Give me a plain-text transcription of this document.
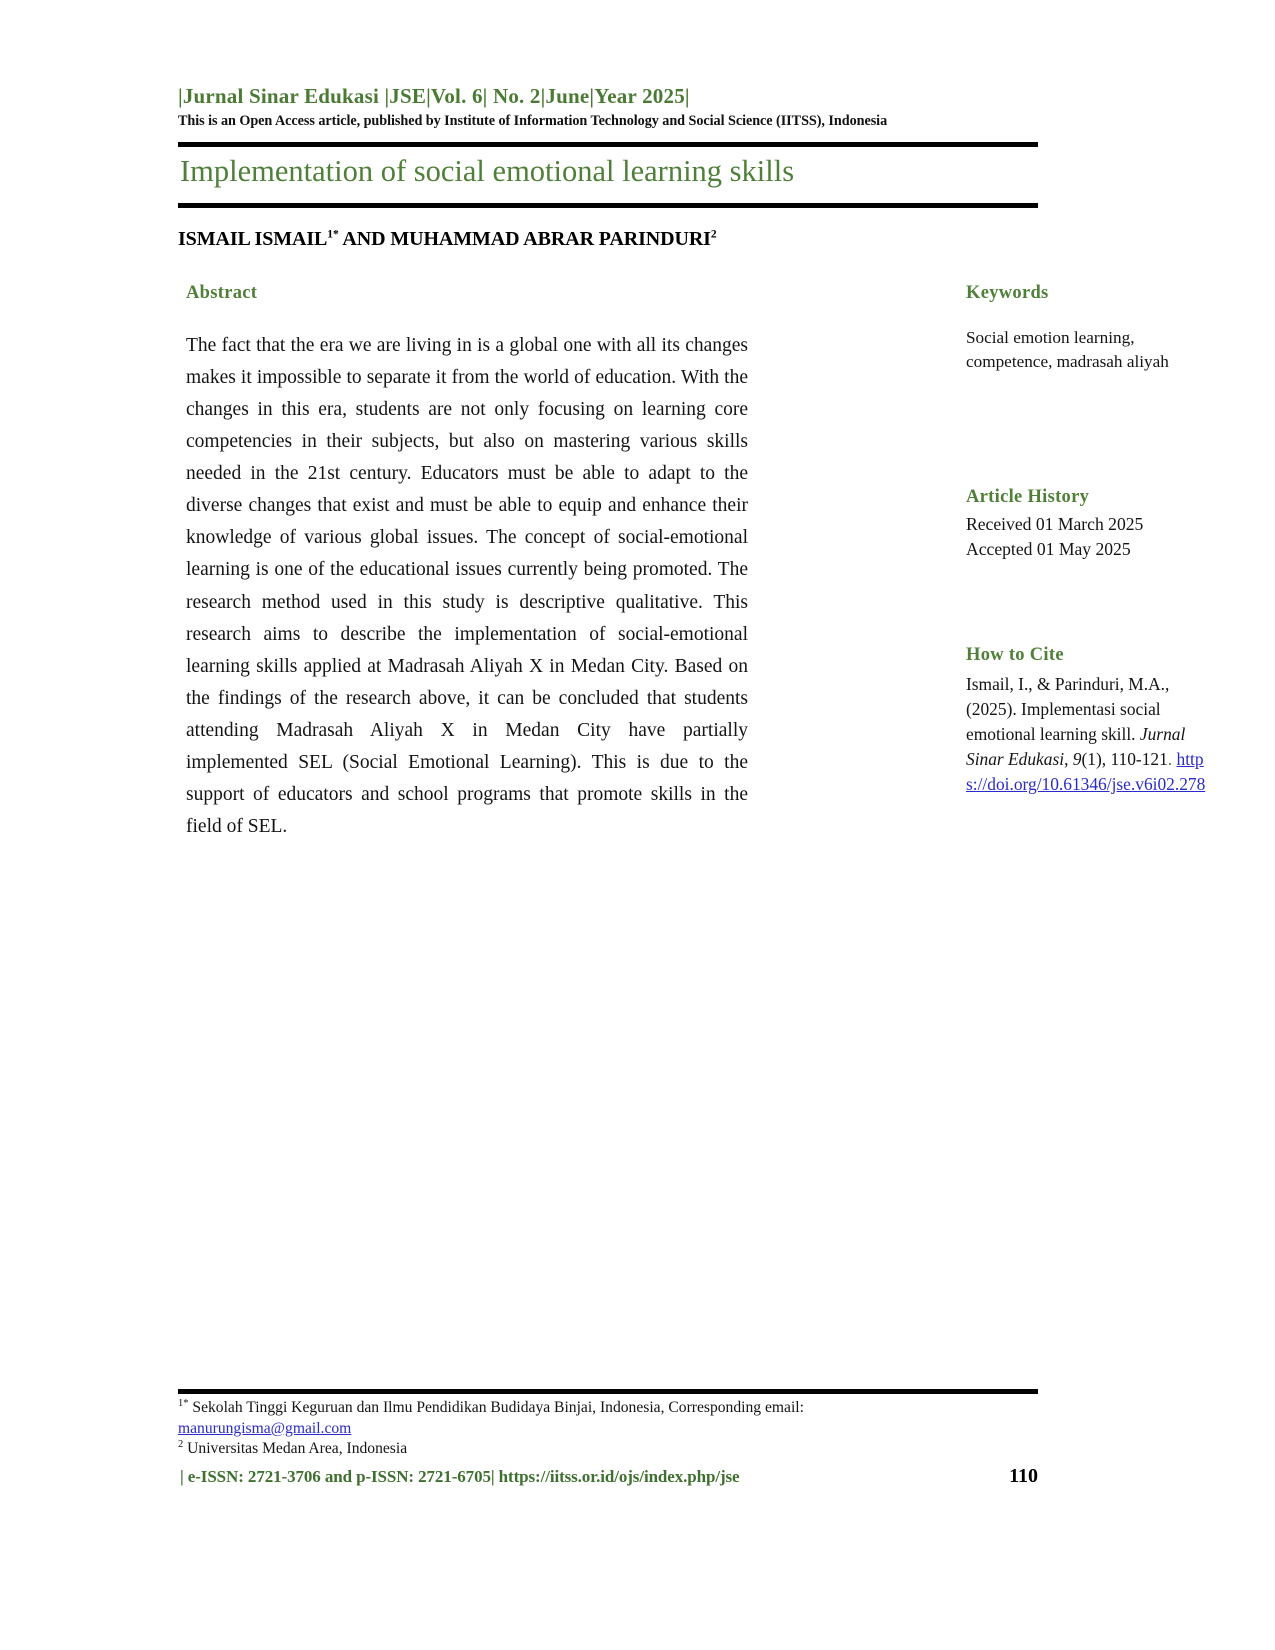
|Jurnal Sinar Edukasi |JSE|Vol. 6| No. 2|June|Year 2025|
This is an Open Access article, published by Institute of Information Technology and Social Science (IITSS), Indonesia
Implementation of social emotional learning skills
ISMAIL $ISMAIL^{1*}$ AND MUHAMMAD ABRAR PARINDURI$^2$
Abstract
The fact that the era we are living in is a global one with all its changes makes it impossible to separate it from the world of education. With the changes in this era, students are not only focusing on learning core competencies in their subjects, but also on mastering various skills needed in the 21st century. Educators must be able to adapt to the diverse changes that exist and must be able to equip and enhance their knowledge of various global issues. The concept of social-emotional learning is one of the educational issues currently being promoted. The research method used in this study is descriptive qualitative. This research aims to describe the implementation of social-emotional learning skills applied at Madrasah Aliyah X in Medan City. Based on the findings of the research above, it can be concluded that students attending Madrasah Aliyah X in Medan City have partially implemented SEL (Social Emotional Learning). This is due to the support of educators and school programs that promote skills in the field of SEL.
Keywords
Social emotion learning, competence, madrasah aliyah
Article History
Received 01 March 2025
Accepted 01 May 2025
How to Cite
Ismail, I., & Parinduri, M.A., (2025). Implementasi social emotional learning skill. Jurnal Sinar Edukasi, 9(1), 110-121. https://doi.org/10.61346/jse.v6i02.278
$^{1*}$ Sekolah Tinggi Keguruan dan Ilmu Pendidikan Budidaya Binjai, Indonesia, Corresponding email:
manurungisma@gmail.com
$^2$ Universitas Medan Area, Indonesia
| e-ISSN: 2721-3706 and p-ISSN: 2721-6705| https://iitss.or.id/ojs/index.php/jse	110
